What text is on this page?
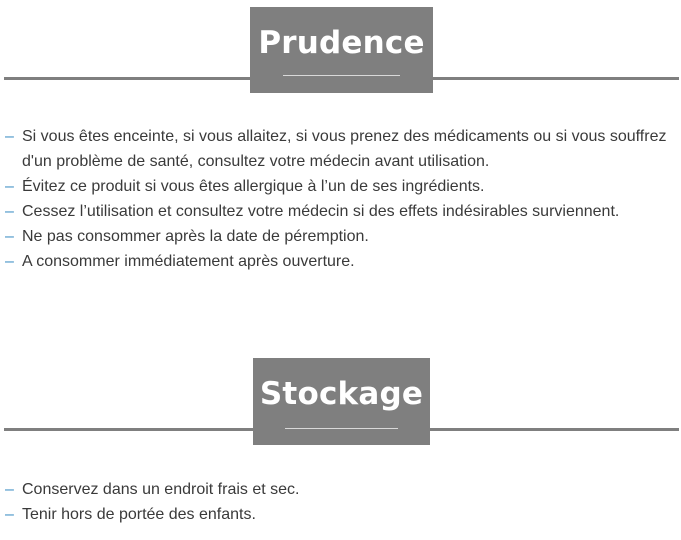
Prudence
– Si vous êtes enceinte, si vous allaitez, si vous prenez des médicaments ou si vous souffrez d'un problème de santé, consultez votre médecin avant utilisation.
– Évitez ce produit si vous êtes allergique à l’un de ses ingrédients.
– Cessez l’utilisation et consultez votre médecin si des effets indésirables surviennent.
– Ne pas consommer après la date de péremption.
– A consommer immédiatement après ouverture.
Stockage
– Conservez dans un endroit frais et sec.
– Tenir hors de portée des enfants.
